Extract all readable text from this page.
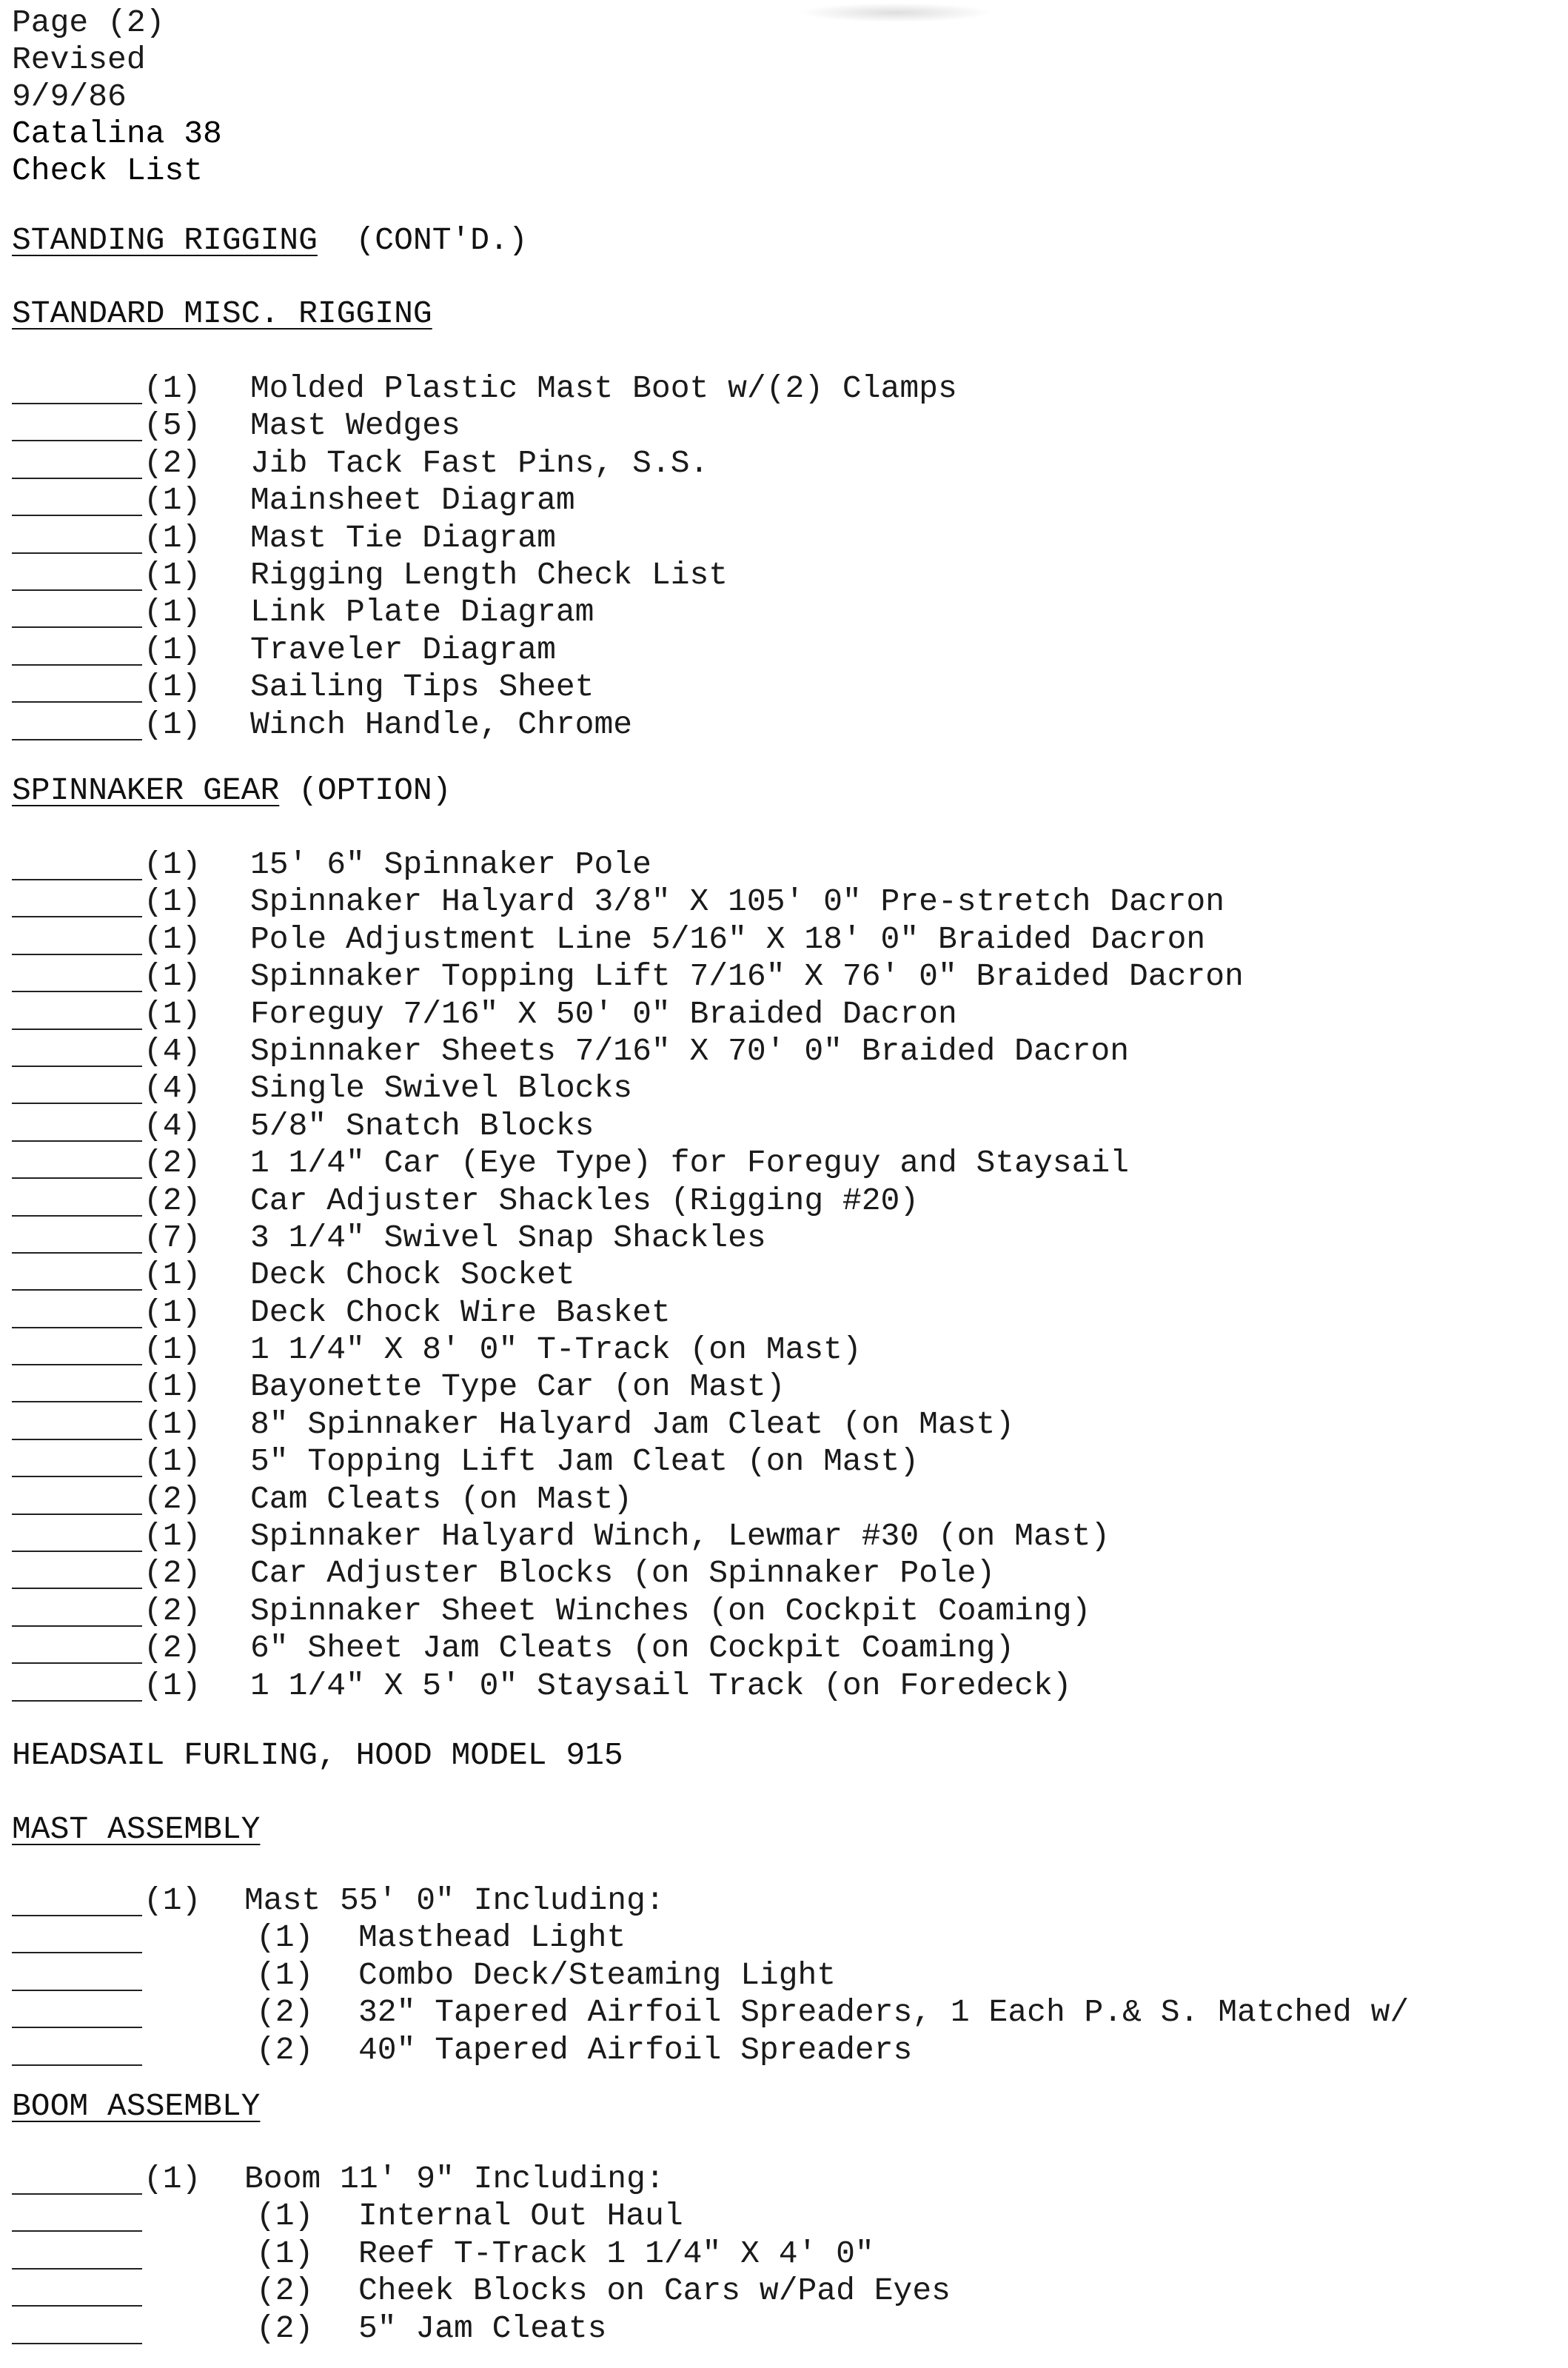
Page (2)
Revised
9/9/86
Catalina 38
Check List
STANDING RIGGING  (CONT'D.)
STANDARD MISC. RIGGING
(1) Molded Plastic Mast Boot w/(2) Clamps
(5) Mast Wedges
(2) Jib Tack Fast Pins, S.S.
(1) Mainsheet Diagram
(1) Mast Tie Diagram
(1) Rigging Length Check List
(1) Link Plate Diagram
(1) Traveler Diagram
(1) Sailing Tips Sheet
(1) Winch Handle, Chrome
SPINNAKER GEAR (OPTION)
(1) 15' 6" Spinnaker Pole
(1) Spinnaker Halyard 3/8" X 105' 0" Pre-stretch Dacron
(1) Pole Adjustment Line 5/16" X 18' 0" Braided Dacron
(1) Spinnaker Topping Lift 7/16" X 76' 0" Braided Dacron
(1) Foreguy 7/16" X 50' 0" Braided Dacron
(4) Spinnaker Sheets 7/16" X 70' 0" Braided Dacron
(4) Single Swivel Blocks
(4) 5/8" Snatch Blocks
(2) 1 1/4" Car (Eye Type) for Foreguy and Staysail
(2) Car Adjuster Shackles (Rigging #20)
(7) 3 1/4" Swivel Snap Shackles
(1) Deck Chock Socket
(1) Deck Chock Wire Basket
(1) 1 1/4" X 8' 0" T-Track (on Mast)
(1) Bayonette Type Car (on Mast)
(1) 8" Spinnaker Halyard Jam Cleat (on Mast)
(1) 5" Topping Lift Jam Cleat (on Mast)
(2) Cam Cleats (on Mast)
(1) Spinnaker Halyard Winch, Lewmar #30 (on Mast)
(2) Car Adjuster Blocks (on Spinnaker Pole)
(2) Spinnaker Sheet Winches (on Cockpit Coaming)
(2) 6" Sheet Jam Cleats (on Cockpit Coaming)
(1) 1 1/4" X 5' 0" Staysail Track (on Foredeck)
HEADSAIL FURLING, HOOD MODEL 915
MAST ASSEMBLY

(1)

Mast 55' 0" Including:

(1) Masthead Light
(1) Combo Deck/Steaming Light
(2) 32" Tapered Airfoil Spreaders, 1 Each P.& S. Matched w/
(2) 40" Tapered Airfoil Spreaders
BOOM ASSEMBLY

(1)

Boom 11' 9" Including:

(1) Internal Out Haul
(1) Reef T-Track 1 1/4" X 4' 0"
(2) Cheek Blocks on Cars w/Pad Eyes
(2) 5" Jam Cleats
